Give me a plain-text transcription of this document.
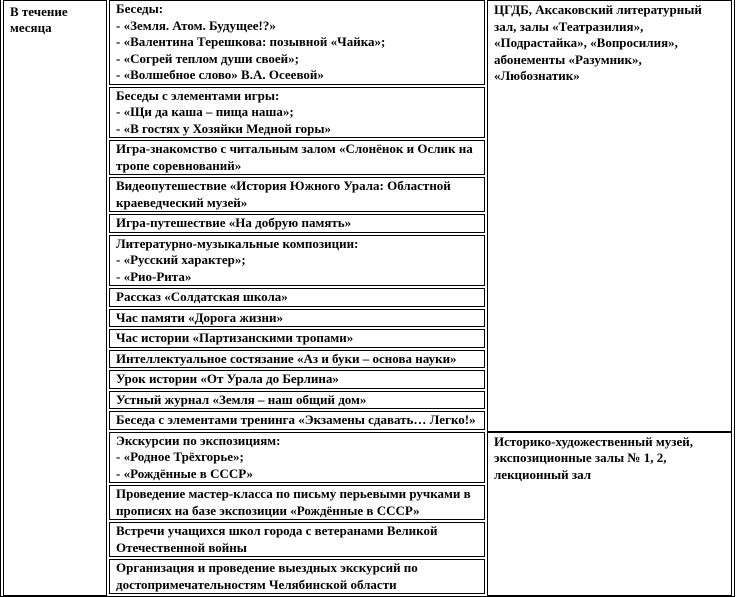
В течение месяца
Беседы:
- «Земля. Атом. Будущее!?»
- «Валентина Терешкова: позывной «Чайка»;
- «Согрей теплом души своей»;
- «Волшебное слово» В.А. Осеевой»
Беседы с элементами игры:
- «Щи да каша – пища наша»;
- «В гостях у Хозяйки Медной горы»
Игра-знакомство с читальным залом «Слонёнок и Ослик на тропе соревнований»
Видеопутешествие «История Южного Урала: Областной краеведческий музей»
Игра-путешествие «На добрую память»
Литературно-музыкальные композиции:
- «Русский характер»;
- «Рио-Рита»
Рассказ «Солдатская школа»
Час памяти «Дорога жизни»
Час истории «Партизанскими тропами»
Интеллектуальное состязание «Аз и буки – основа науки»
Урок истории «От Урала до Берлина»
Устный журнал «Земля – наш общий дом»
Беседа с элементами тренинга «Экзамены сдавать… Легко!»
Экскурсии по экспозициям:
- «Родное Трёхгорье»;
- «Рождённые в СССР»
Проведение мастер-класса по письму перьевыми ручками в прописях на базе экспозиции «Рождённые в СССР»
Встречи учащихся школ города с ветеранами Великой Отечественной войны
Организация и проведение выездных экскурсий по достопримечательностям Челябинской области
ЦГДБ, Аксаковский литературный зал, залы «Театразилия», «Подрастайка», «Вопросилия», абонементы «Разумник», «Любознатик»
Историко-художественный музей, экспозиционные залы № 1, 2, лекционный зал
